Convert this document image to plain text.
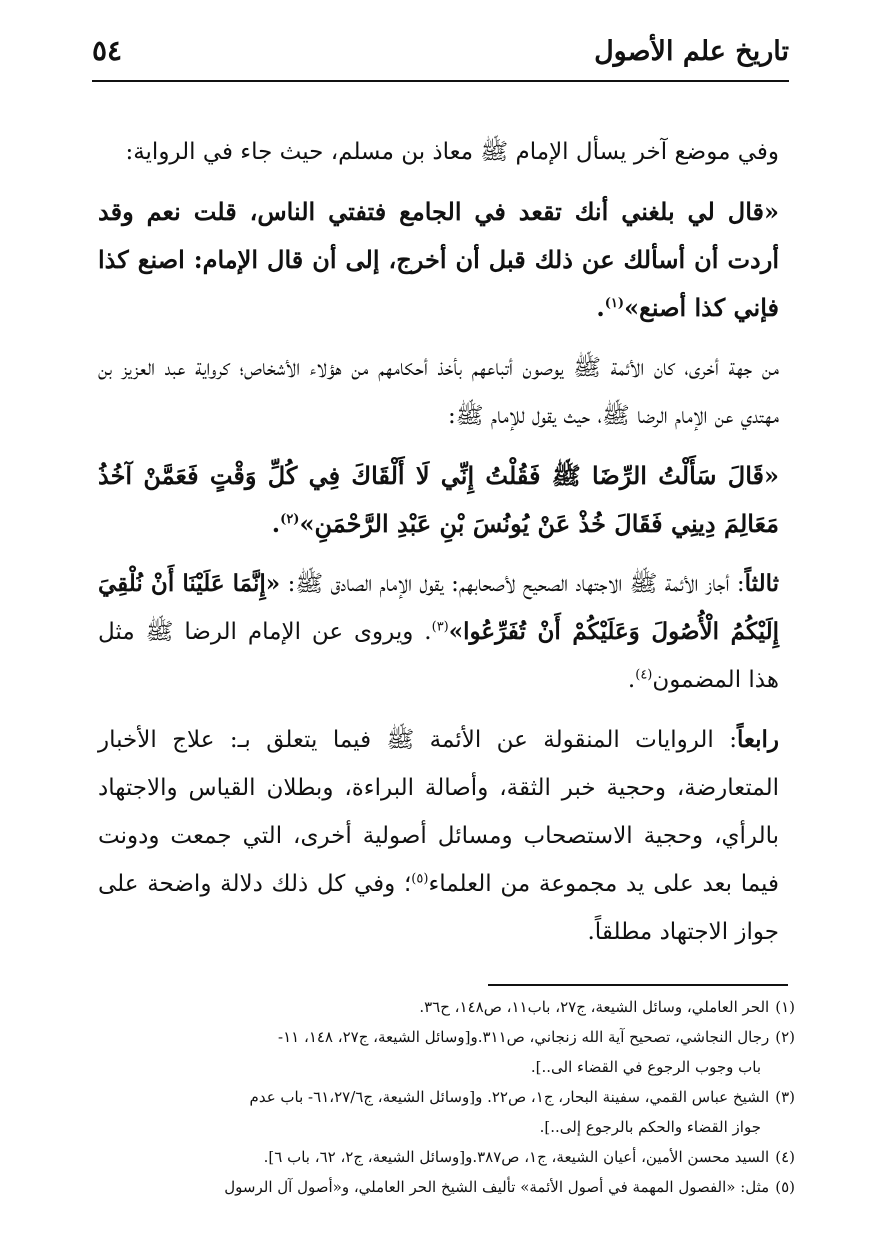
تاريخ علم الأصول
٥٤

وفي موضع آخر يسأل الإمام ﷺ معاذ بن مسلم، حيث جاء في الرواية:

«قال لي بلغني أنك تقعد في الجامع فتفتي الناس، قلت نعم وقد أردت أن أسألك عن ذلك قبل أن أخرج، إلى أن قال الإمام: اصنع كذا فإني كذا أصنع»$^{(١)}$.

من جهة أخرى، كان الأئمة ﷺ يوصون أتباعهم بأخذ أحكامهم من هؤلاء الأشخاص؛ كرواية عبد العزيز بن مهتدي عن الإمام الرضا ﷺ، حيث يقول للإمام ﷺ:

«قَالَ سَأَلْتُ الرِّضَا ﷺ فَقُلْتُ إِنِّي لَا أَلْقَاكَ فِي كُلِّ وَقْتٍ فَعَمَّنْ آخُذُ مَعَالِمَ دِينِي فَقَالَ خُذْ عَنْ يُونُسَ بْنِ عَبْدِ الرَّحْمَنِ»$^{(٢)}$.

ثالثاً: أجاز الأئمة ﷺ الاجتهاد الصحيح لأصحابهم: يقول الإمام الصادق ﷺ: «إِنَّمَا عَلَيْنَا أَنْ نُلْقِيَ إِلَيْكُمُ الْأُصُولَ وَعَلَيْكُمْ أَنْ تُفَرِّعُوا»$^{(٣)}$. ويروى عن الإمام الرضا ﷺ مثل هذا المضمون$^{(٤)}$.

رابعاً: الروايات المنقولة عن الأئمة ﷺ فيما يتعلق بـ: علاج الأخبار المتعارضة، وحجية خبر الثقة، وأصالة البراءة، وبطلان القياس والاجتهاد بالرأي، وحجية الاستصحاب ومسائل أصولية أخرى، التي جمعت ودونت فيما بعد على يد مجموعة من العلماء$^{(٥)}$؛ وفي كل ذلك دلالة واضحة على جواز الاجتهاد مطلقاً.

(١)الحر العاملي، وسائل الشيعة، ج٢٧، باب١١، ص١٤٨، ح٣٦.

(٢)رجال النجاشي، تصحيح آية الله زنجاني، ص٣١١.و[وسائل الشيعة، ج٢٧، ١٤٨، ١١-

باب وجوب الرجوع في القضاء الى..].

(٣)الشيخ عباس القمي، سفينة البحار، ج١، ص٢٢. و[وسائل الشيعة، ج٦١،٢٧/٦- باب عدم

جواز القضاء والحكم بالرجوع إلى..].

(٤)السيد محسن الأمين، أعيان الشيعة، ج١، ص٣٨٧.و[وسائل الشيعة، ج٢، ٦٢، باب ٦].

(٥)مثل: «الفصول المهمة في أصول الأئمة» تأليف الشيخ الحر العاملي، و«أصول آل الرسول
